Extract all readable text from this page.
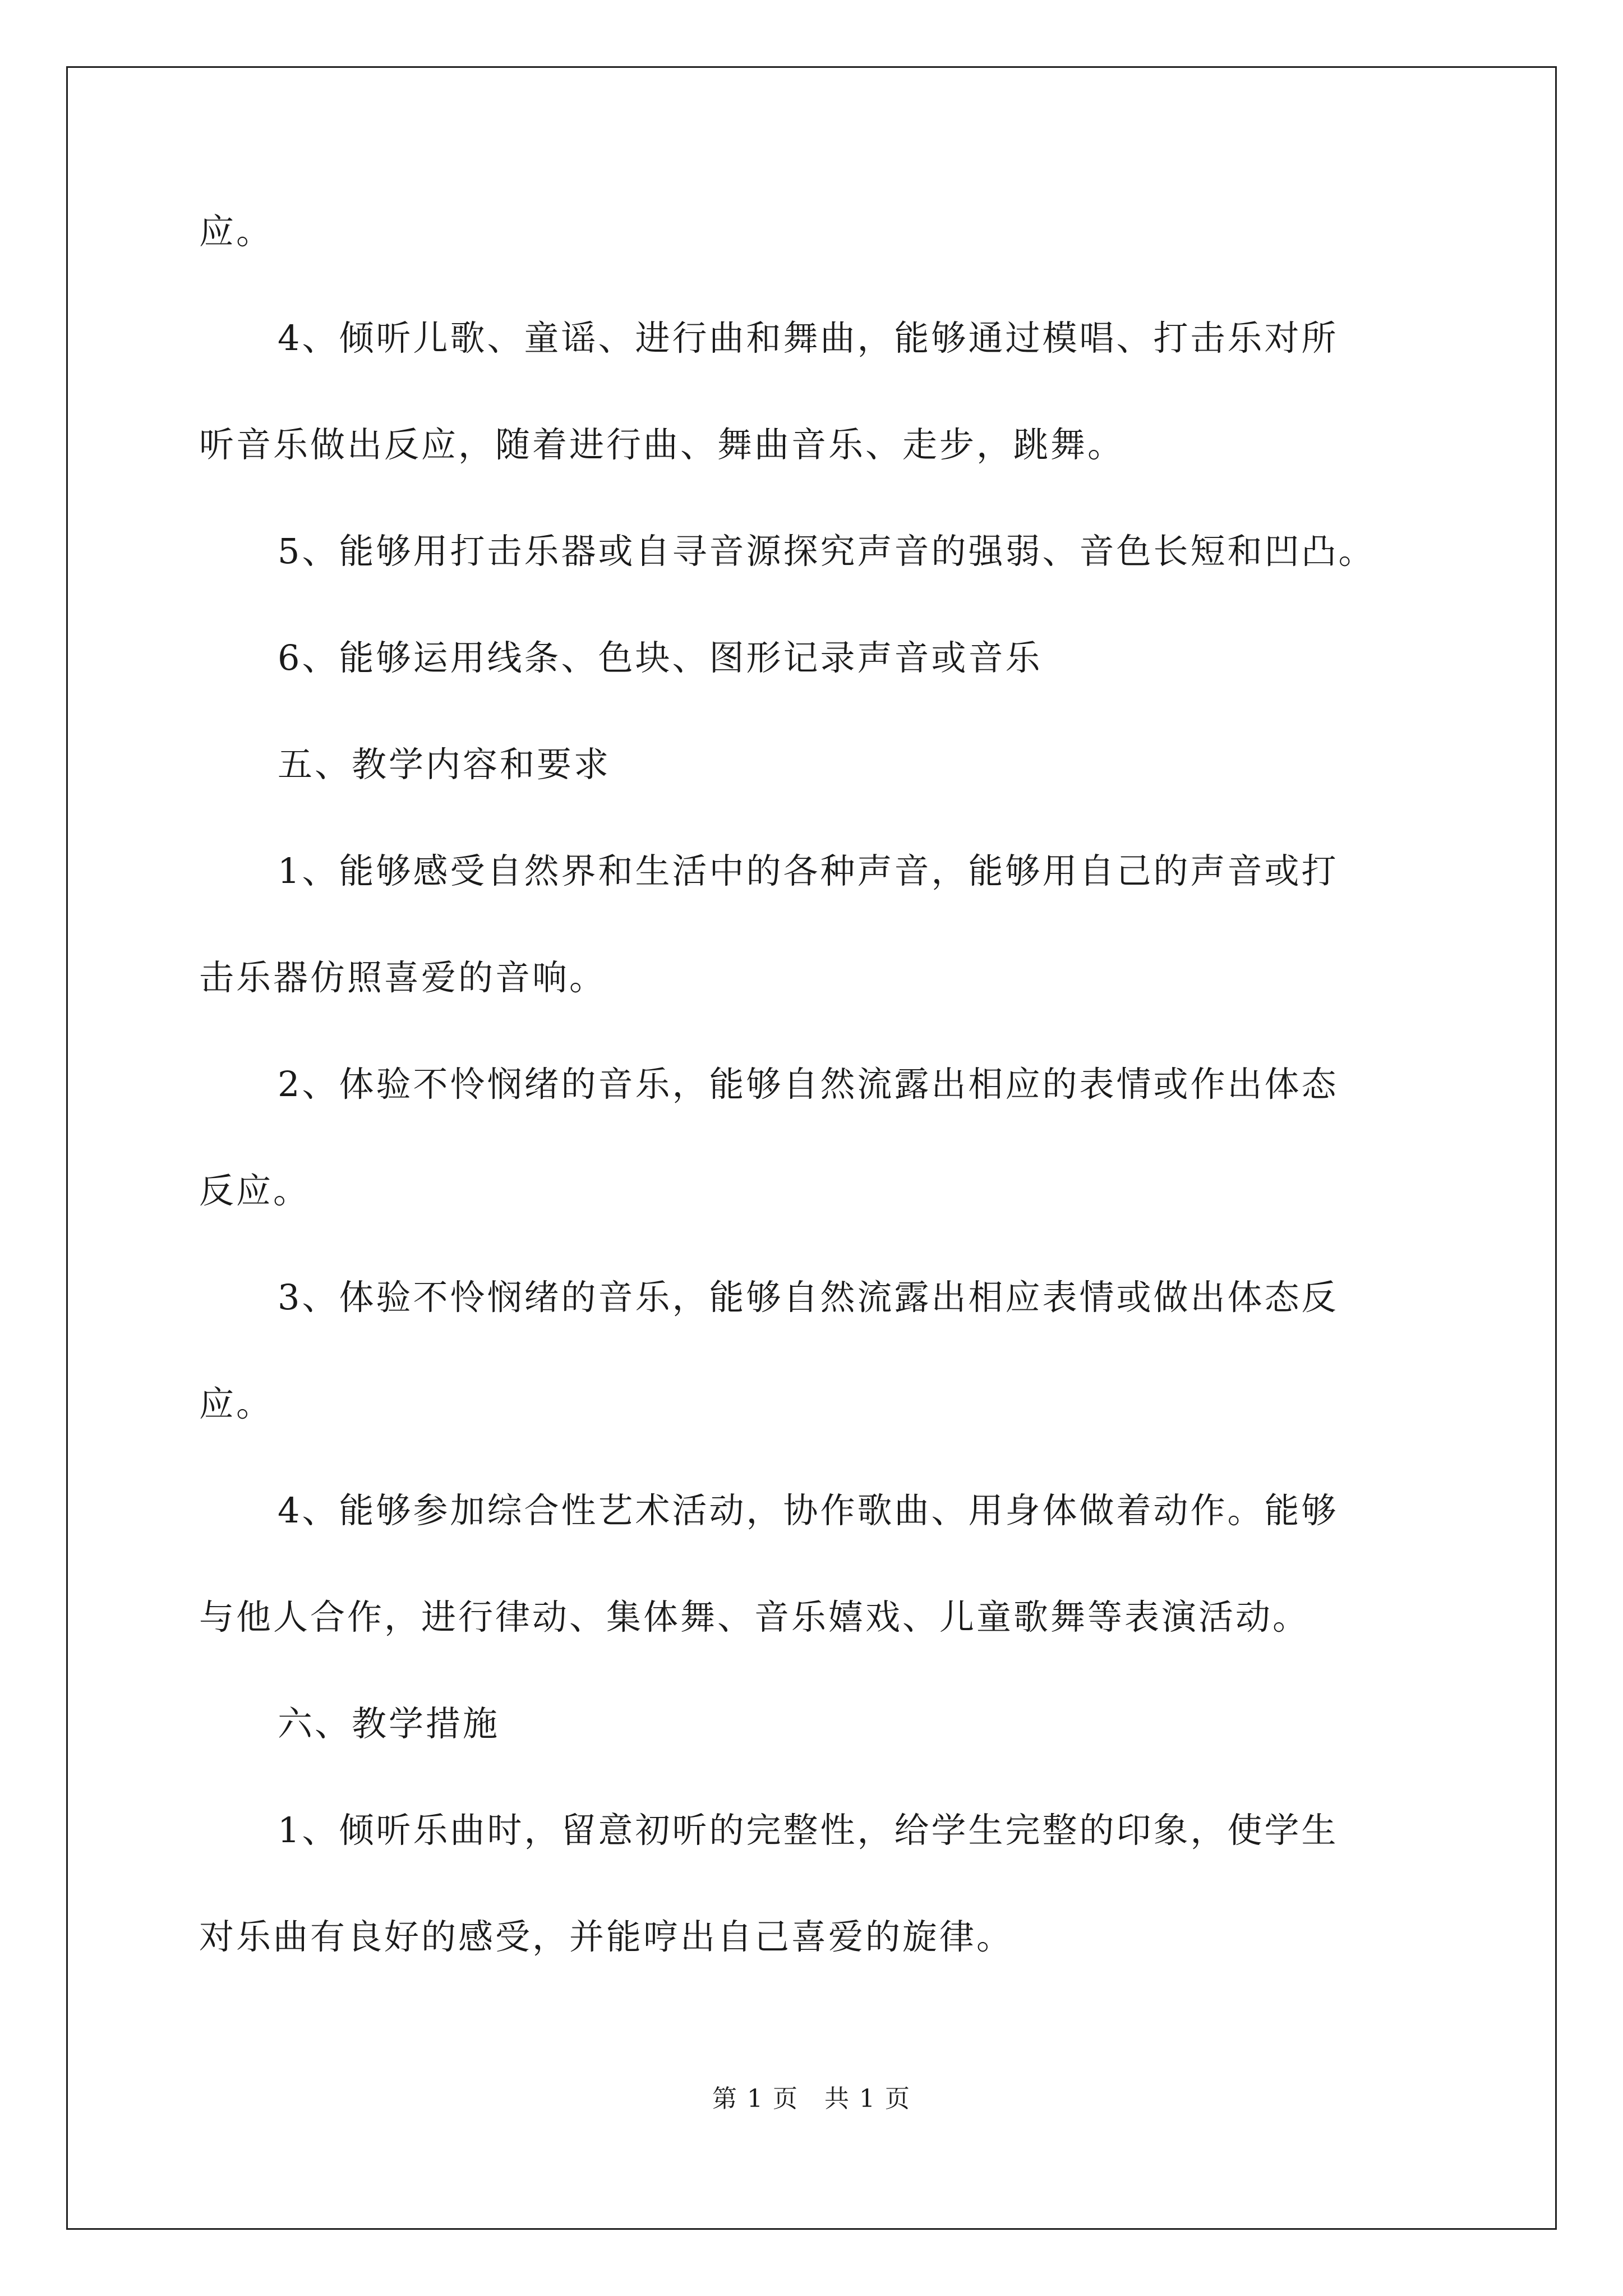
应。
4、倾听儿歌、童谣、进行曲和舞曲，能够通过模唱、打击乐对所
听音乐做出反应，随着进行曲、舞曲音乐、走步，跳舞。
5、能够用打击乐器或自寻音源探究声音的强弱、音色长短和凹凸。
6、能够运用线条、色块、图形记录声音或音乐
五、教学内容和要求
1、能够感受自然界和生活中的各种声音，能够用自己的声音或打
击乐器仿照喜爱的音响。
2、体验不怜悯绪的音乐，能够自然流露出相应的表情或作出体态
反应。
3、体验不怜悯绪的音乐，能够自然流露出相应表情或做出体态反
应。
4、能够参加综合性艺术活动，协作歌曲、用身体做着动作。能够
与他人合作，进行律动、集体舞、音乐嬉戏、儿童歌舞等表演活动。
六、教学措施
1、倾听乐曲时，留意初听的完整性，给学生完整的印象，使学生
对乐曲有良好的感受，并能哼出自己喜爱的旋律。
第 1 页　共 1 页
